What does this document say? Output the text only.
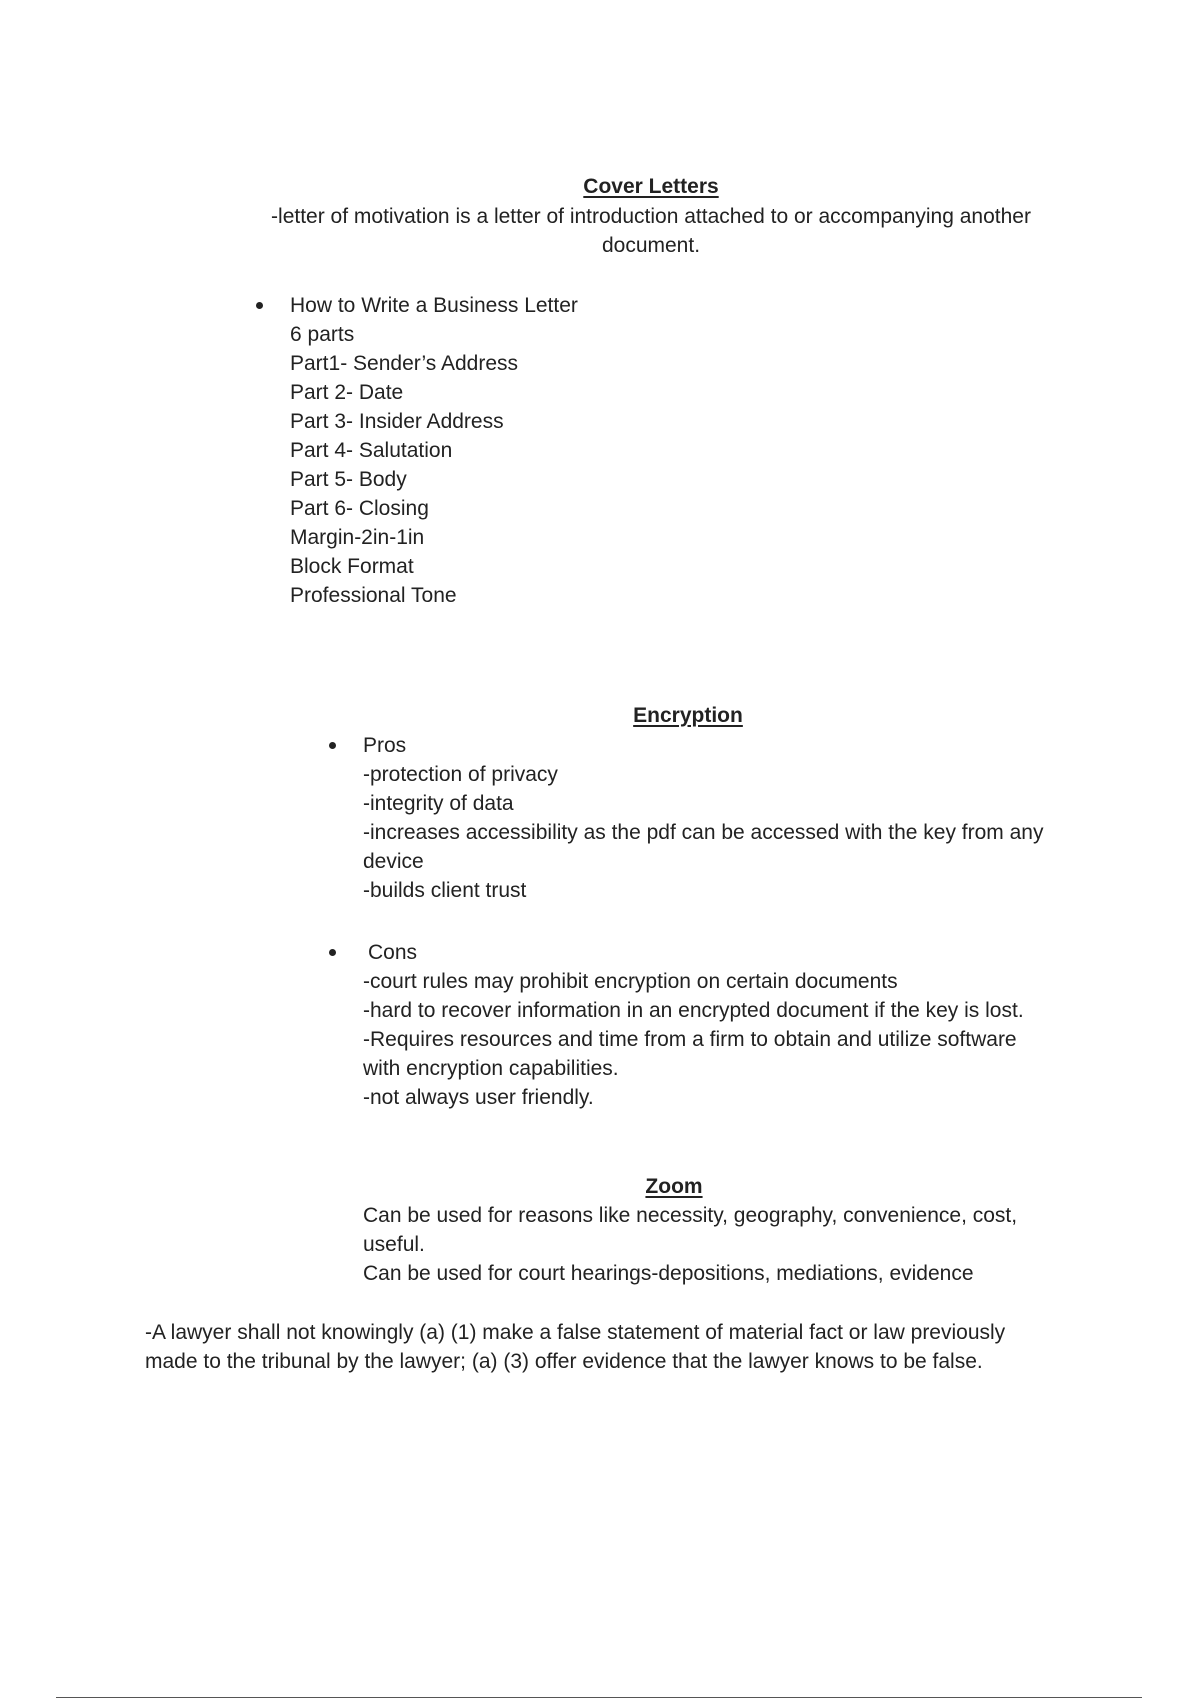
Cover Letters
-letter of motivation is a letter of introduction attached to or accompanying another
document.
How to Write a Business Letter
6 parts
Part1- Sender’s Address
Part 2- Date
Part 3- Insider Address
Part 4- Salutation
Part 5- Body
Part 6- Closing
Margin-2in-1in
Block Format
Professional Tone
Encryption
Pros
-protection of privacy
-integrity of data
-increases accessibility as the pdf can be accessed with the key from any
device
-builds client trust
Cons
-court rules may prohibit encryption on certain documents
-hard to recover information in an encrypted document if the key is lost.
-Requires resources and time from a firm to obtain and utilize software
with encryption capabilities.
-not always user friendly.
Zoom
Can be used for reasons like necessity, geography, convenience, cost,
useful.
Can be used for court hearings-depositions, mediations, evidence
-A lawyer shall not knowingly (a) (1) make a false statement of material fact or law previously
made to the tribunal by the lawyer; (a) (3) offer evidence that the lawyer knows to be false.
